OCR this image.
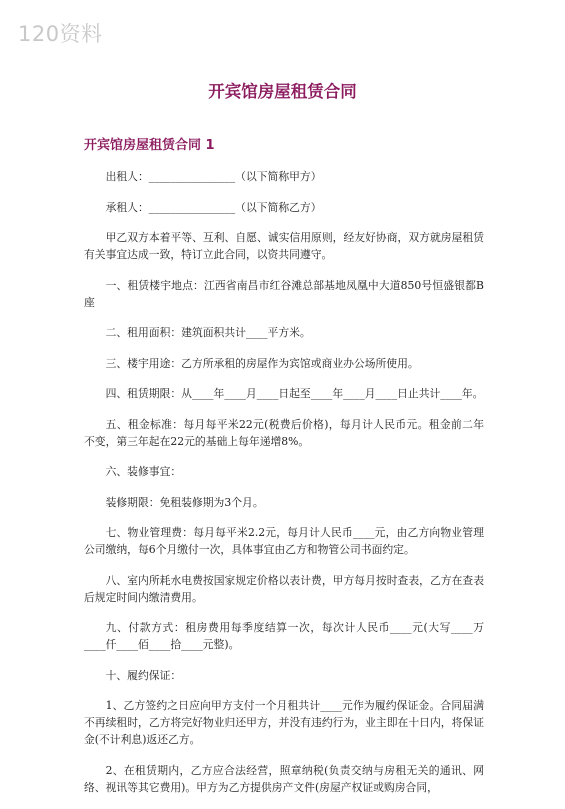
120资料
开宾馆房屋租赁合同
开宾馆房屋租赁合同 1

出租人：________________（以下简称甲方）

承租人：________________（以下简称乙方）

甲乙双方本着平等、互利、自愿、诚实信用原则，经友好协商，双方就房屋租赁有关事宜达成一致，特订立此合同，以资共同遵守。

一、租赁楼宇地点：江西省南昌市红谷滩总部基地凤凰中大道850号恒盛银都B座

二、租用面积：建筑面积共计____平方米。

三、楼宇用途：乙方所承租的房屋作为宾馆或商业办公场所使用。

四、租赁期限：从____年____月____日起至____年____月____日止共计____年。

五、租金标准：每月每平米22元(税费后价格)，每月计人民币元。租金前二年不变，第三年起在22元的基础上每年递增8%。

六、装修事宜：

装修期限：免租装修期为3个月。

七、物业管理费：每月每平米2.2元，每月计人民币____元，由乙方向物业管理公司缴纳，每6个月缴付一次，具体事宜由乙方和物管公司书面约定。

八、室内所耗水电费按国家规定价格以表计费，甲方每月按时查表，乙方在查表后规定时间内缴清费用。

九、付款方式：租房费用每季度结算一次，每次计人民币____元(大写____万____仟____佰____拾____元整)。

十、履约保证：

1、乙方签约之日应向甲方支付一个月租共计____元作为履约保证金。合同届满不再续租时，乙方将完好物业归还甲方，并没有违约行为，业主即在十日内，将保证金(不计利息)返还乙方。

2、在租赁期内，乙方应合法经营，照章纳税(负责交纳与房租无关的通讯、网络、视讯等其它费用)。甲方为乙方提供房产文件(房屋产权证或购房合同，
